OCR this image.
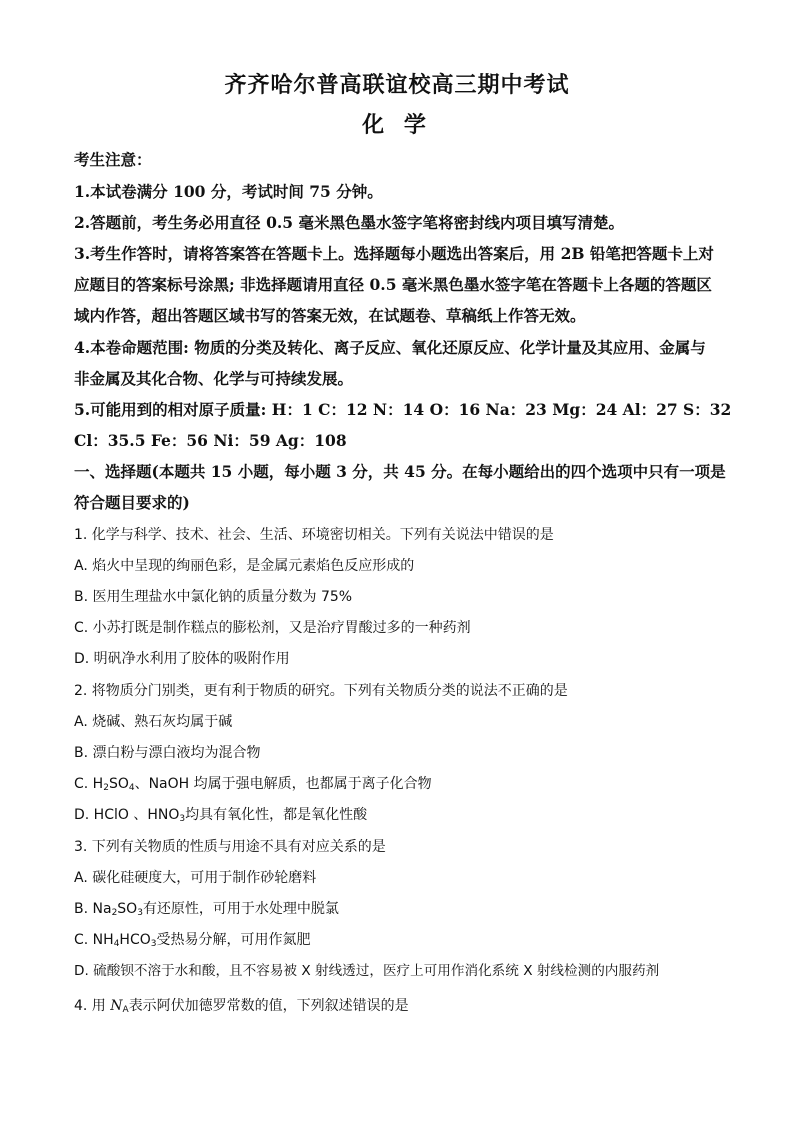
齐齐哈尔普高联谊校高三期中考试
化 学
考生注意：
1.本试卷满分 100 分，考试时间 75 分钟。
2.答题前，考生务必用直径 0.5 毫米黑色墨水签字笔将密封线内项目填写清楚。
3.考生作答时，请将答案答在答题卡上。选择题每小题选出答案后，用 2B 铅笔把答题卡上对
应题目的答案标号涂黑; 非选择题请用直径 0.5 毫米黑色墨水签字笔在答题卡上各题的答题区
域内作答，超出答题区域书写的答案无效，在试题卷、草稿纸上作答无效。
4.本卷命题范围: 物质的分类及转化、离子反应、氧化还原反应、化学计量及其应用、金属与
非金属及其化合物、化学与可持续发展。
5.可能用到的相对原子质量: H：1 C：12 N：14 O：16 Na：23 Mg：24 Al：27 S：32
Cl：35.5 Fe：56 Ni：59 Ag：108
一、选择题(本题共 15 小题，每小题 3 分，共 45 分。在每小题给出的四个选项中只有一项是
符合题目要求的)
1. 化学与科学、技术、社会、生活、环境密切相关。下列有关说法中错误的是
A. 焰火中呈现的绚丽色彩，是金属元素焰色反应形成的
B. 医用生理盐水中氯化钠的质量分数为 75%
C. 小苏打既是制作糕点的膨松剂，又是治疗胃酸过多的一种药剂
D. 明矾净水利用了胶体的吸附作用
2. 将物质分门别类，更有利于物质的研究。下列有关物质分类的说法不正确的是
A. 烧碱、熟石灰均属于碱
B. 漂白粉与漂白液均为混合物
C. $H_2SO_4$、NaOH 均属于强电解质，也都属于离子化合物
D. HClO 、$HNO_3$均具有氧化性，都是氧化性酸
3. 下列有关物质的性质与用途不具有对应关系的是
A. 碳化硅硬度大，可用于制作砂轮磨料
B. $Na_2SO_3$有还原性，可用于水处理中脱氯
C. $NH_4HCO_3$受热易分解，可用作氮肥
D. 硫酸钡不溶于水和酸，且不容易被 X 射线透过，医疗上可用作消化系统 X 射线检测的内服药剂
4. 用 $N_A$表示阿伏加德罗常数的值，下列叙述错误的是
